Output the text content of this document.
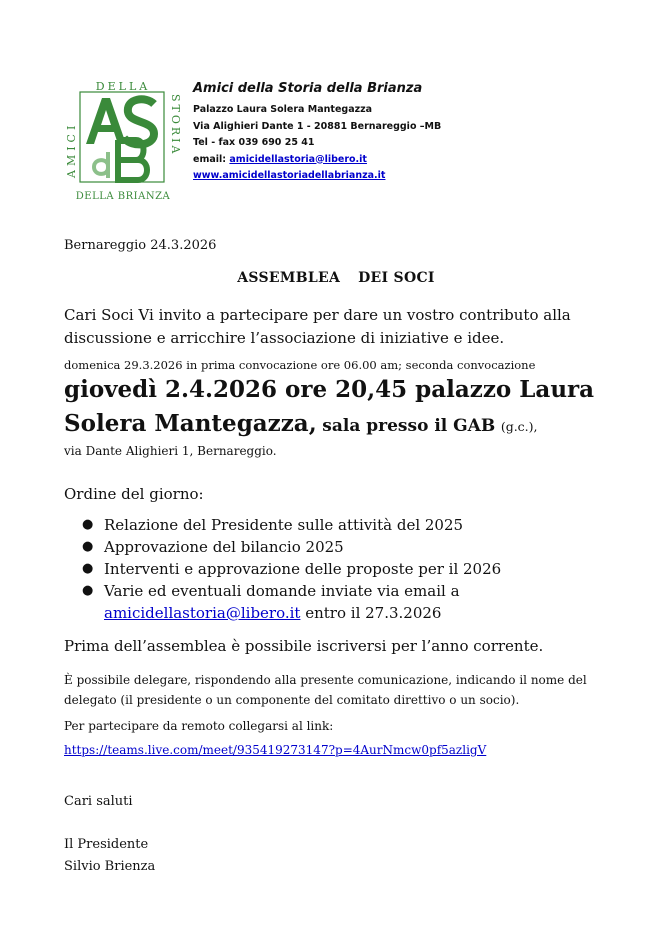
DELLA
AMICI	STORIA
DELLA BRIANZA
Amici della Storia della Brianza
Palazzo Laura Solera Mantegazza
Via Alighieri Dante 1 - 20881 Bernareggio –MB
Tel - fax 039 690 25 41
email: amicidellastoria@libero.it
www.amicidellastoriadellabrianza.it
Bernareggio 24.3.2026
ASSEMBLEA DEI SOCI
Cari Soci Vi invito a partecipare per dare un vostro contributo alla discussione e arricchire l’associazione di iniziative e idee.
domenica 29.3.2026 in prima convocazione ore 06.00 am; seconda convocazione
giovedì 2.4.2026 ore 20,45 palazzo Laura
Solera Mantegazza, sala presso il GAB (g.c.),
via Dante Alighieri 1, Bernareggio.
Ordine del giorno:
● Relazione del Presidente sulle attività del 2025
● Approvazione del bilancio 2025
● Interventi e approvazione delle proposte per il 2026
● Varie ed eventuali domande inviate via email a
amicidellastoria@libero.it entro il 27.3.2026
Prima dell’assemblea è possibile iscriversi per l’anno corrente.
È possibile delegare, rispondendo alla presente comunicazione, indicando il nome del delegato (il presidente o un componente del comitato direttivo o un socio).
Per partecipare da remoto collegarsi al link:
https://teams.live.com/meet/935419273147?p=4AurNmcw0pf5azligV
Cari saluti
Il Presidente
Silvio Brienza
